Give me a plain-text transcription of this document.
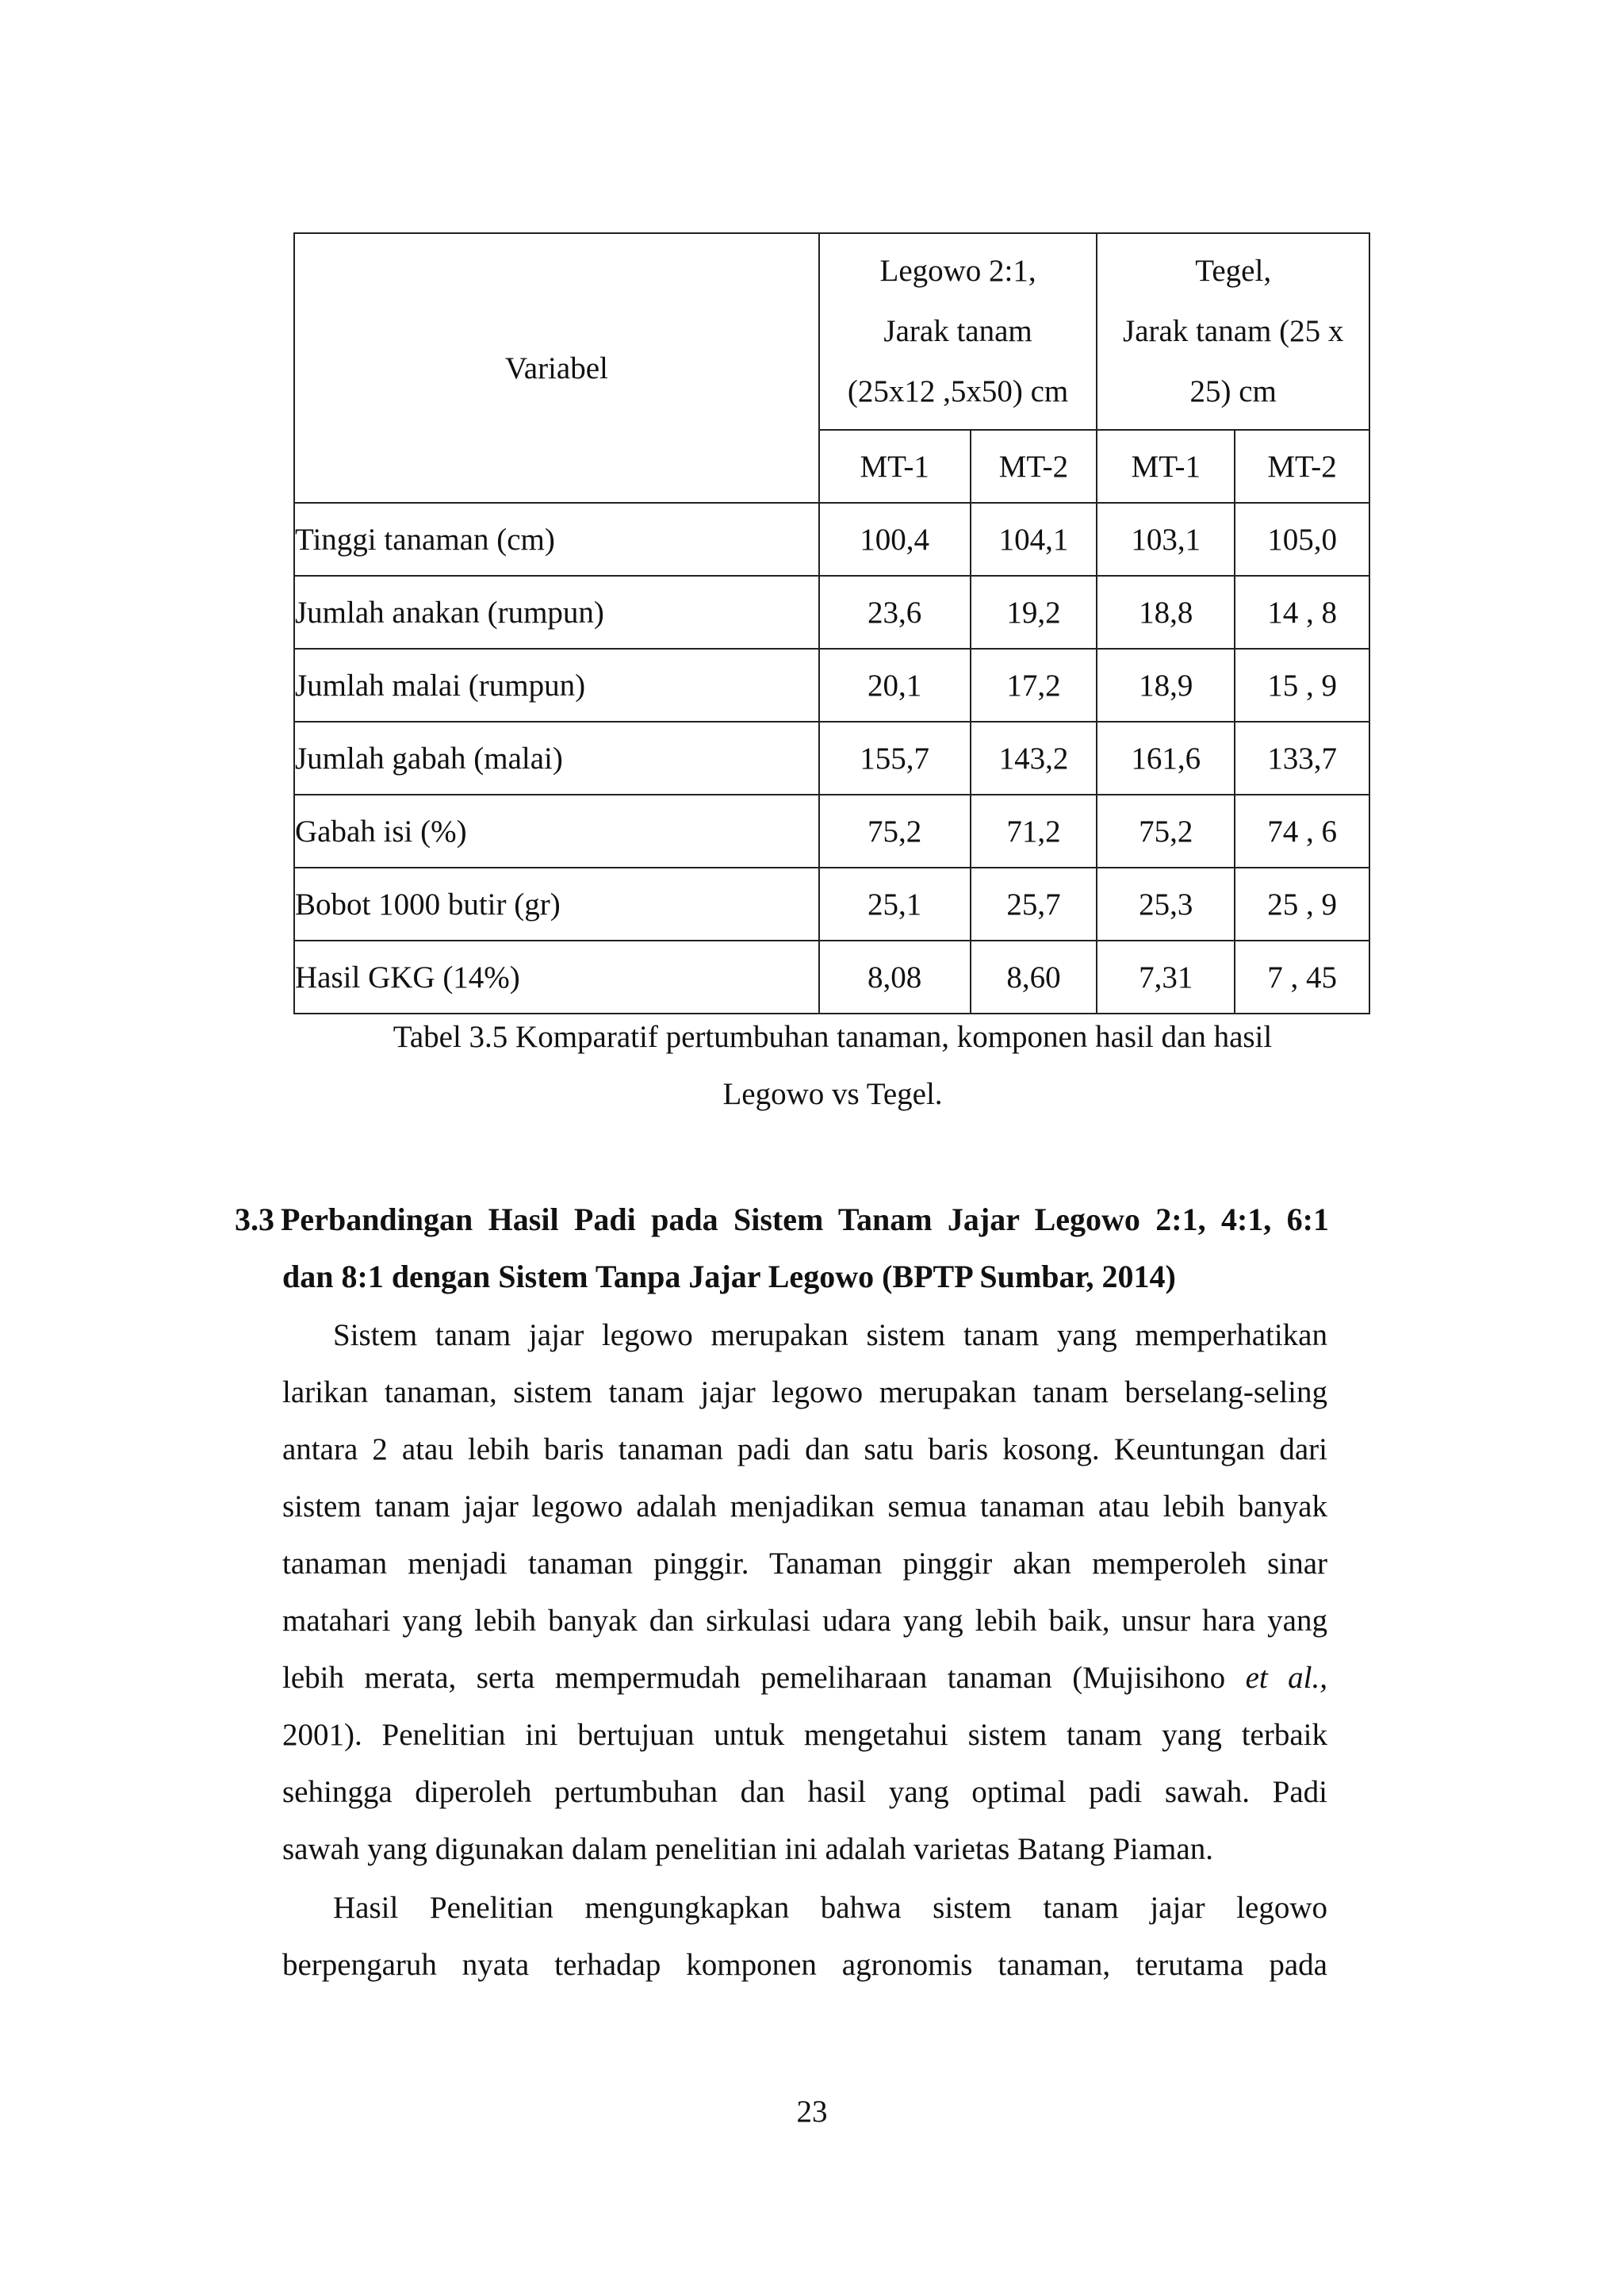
Variabel	Legowo 2:1,
Jarak tanam
(25x12 ,5x50) cm		Tegel,
Jarak tanam (25 x
25) cm	

	MT-1	MT-2	MT-1	MT-2
Tinggi tanaman (cm)	100,4	104,1	103,1	105,0
Jumlah anakan (rumpun)	23,6	19,2	18,8	14 , 8
Jumlah malai (rumpun)	20,1	17,2	18,9	15 , 9
Jumlah gabah (malai)	155,7	143,2	161,6	133,7
Gabah isi (%)	75,2	71,2	75,2	74 , 6
Bobot 1000 butir (gr)	25,1	25,7	25,3	25 , 9
Hasil GKG (14%)	8,08	8,60	7,31	7 , 45
Tabel 3.5 Komparatif pertumbuhan tanaman, komponen hasil dan hasil
Legowo vs Tegel.
3.3 Perbandingan Hasil Padi pada Sistem Tanam Jajar Legowo 2:1, 4:1, 6:1
dan 8:1 dengan Sistem Tanpa Jajar Legowo (BPTP Sumbar, 2014)
Sistem tanam jajar legowo merupakan sistem tanam yang memperhatikan
larikan tanaman, sistem tanam jajar legowo merupakan tanam berselang-seling
antara 2 atau lebih baris tanaman padi dan satu baris kosong. Keuntungan dari
sistem tanam jajar legowo adalah menjadikan semua tanaman atau lebih banyak
tanaman menjadi tanaman pinggir. Tanaman pinggir akan memperoleh sinar
matahari yang lebih banyak dan sirkulasi udara yang lebih baik, unsur hara yang
lebih merata, serta mempermudah pemeliharaan tanaman (Mujisihono et al.,
2001). Penelitian ini bertujuan untuk mengetahui sistem tanam yang terbaik
sehingga diperoleh pertumbuhan dan hasil yang optimal padi sawah. Padi
sawah yang digunakan dalam penelitian ini adalah varietas Batang Piaman.
Hasil Penelitian mengungkapkan bahwa sistem tanam jajar legowo
berpengaruh nyata terhadap komponen agronomis tanaman, terutama pada
23
